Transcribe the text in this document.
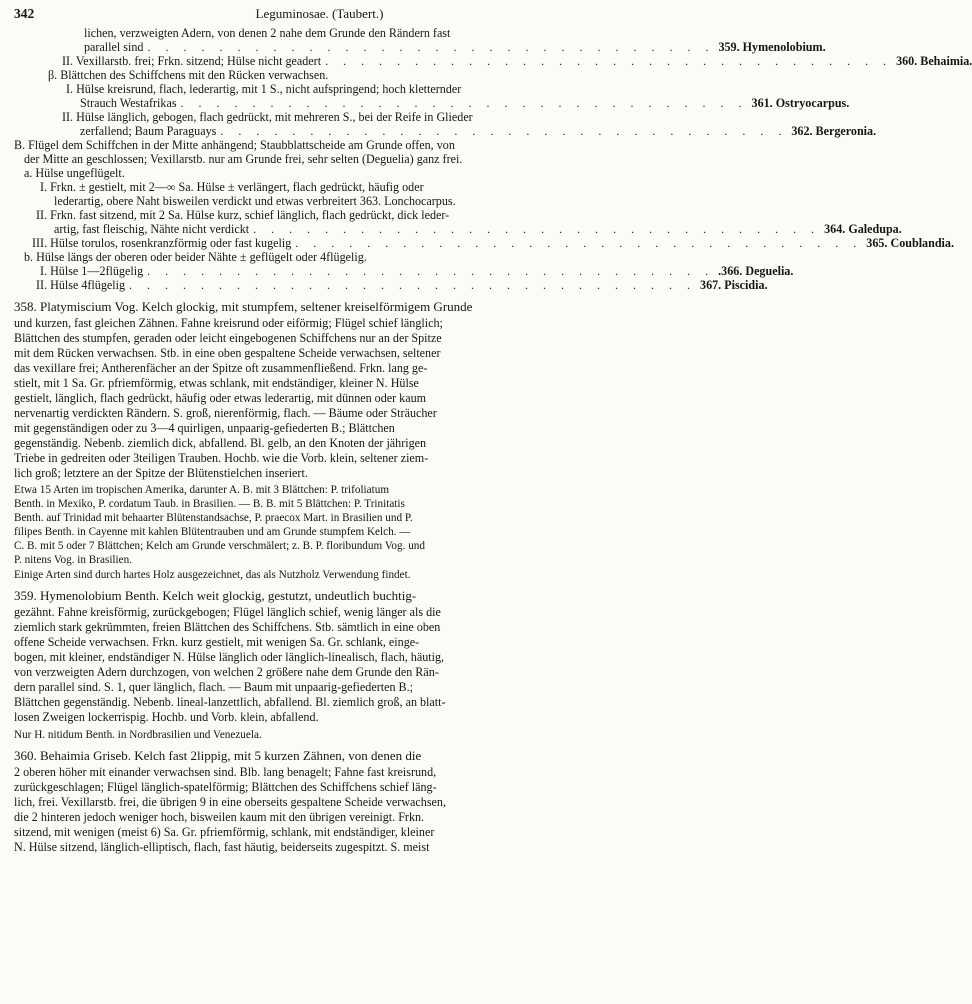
342	Leguminosae. (Taubert.)
lichen, verzweigten Adern, von denen 2 nahe dem Grunde den Rändern fast
parallel sind . . . . . . . . . . . . . . . . . . . . . . . . . . . . . . . . 359. Hymenolobium.
II. Vexillarstb. frei; Frkn. sitzend; Hülse nicht geadert . . . . . . . . . . . . . . . . . . . . . . . . . . . . . . . . 360. Behaimia.
β. Blättchen des Schiffchens mit den Rücken verwachsen.
I. Hülse kreisrund, flach, lederartig, mit 1 S., nicht aufspringend; hoch kletternder
Strauch Westafrikas . . . . . . . . . . . . . . . . . . . . . . . . . . . . . . . . 361. Ostryocarpus.
II. Hülse länglich, gebogen, flach gedrückt, mit mehreren S., bei der Reife in Glieder
zerfallend; Baum Paraguays . . . . . . . . . . . . . . . . . . . . . . . . . . . . . . . . 362. Bergeronia.
B. Flügel dem Schiffchen in der Mitte anhängend; Staubblattscheide am Grunde offen, von
der Mitte an geschlossen; Vexillarstb. nur am Grunde frei, sehr selten (Deguelia) ganz frei.
a. Hülse ungeflügelt.
I. Frkn. ± gestielt, mit 2—∞ Sa. Hülse ± verlängert, flach gedrückt, häufig oder
lederartig, obere Naht bisweilen verdickt und etwas verbreitert 363. Lonchocarpus.
II. Frkn. fast sitzend, mit 2 Sa. Hülse kurz, schief länglich, flach gedrückt, dick leder-
artig, fast fleischig, Nähte nicht verdickt . . . . . . . . . . . . . . . . . . . . . . . . . . . . . . . . 364. Galedupa.
III. Hülse torulos, rosenkranzförmig oder fast kugelig . . . . . . . . . . . . . . . . . . . . . . . . . . . . . . . . 365. Coublandia.
b. Hülse längs der oberen oder beider Nähte ± geflügelt oder 4flügelig.
I. Hülse 1—2flügelig . . . . . . . . . . . . . . . . . . . . . . . . . . . . . . . . .366. Deguelia.
II. Hülse 4flügelig . . . . . . . . . . . . . . . . . . . . . . . . . . . . . . . . 367. Piscidia.
358. Platymiscium Vog. Kelch glockig, mit stumpfem, seltener kreiselförmigem Grunde
und kurzen, fast gleichen Zähnen. Fahne kreisrund oder eiförmig; Flügel schief länglich;
Blättchen des stumpfen, geraden oder leicht eingebogenen Schiffchens nur an der Spitze
mit dem Rücken verwachsen. Stb. in eine oben gespaltene Scheide verwachsen, seltener
das vexillare frei; Antherenfächer an der Spitze oft zusammenfließend. Frkn. lang ge-
stielt, mit 1 Sa. Gr. pfriemförmig, etwas schlank, mit endständiger, kleiner N. Hülse
gestielt, länglich, flach gedrückt, häufig oder etwas lederartig, mit dünnen oder kaum
nervenartig verdickten Rändern. S. groß, nierenförmig, flach. — Bäume oder Sträucher
mit gegenständigen oder zu 3—4 quirligen, unpaarig-gefiederten B.; Blättchen
gegenständig. Nebenb. ziemlich dick, abfallend. Bl. gelb, an den Knoten der jährigen
Triebe in gedreiten oder 3teiligen Trauben. Hochb. wie die Vorb. klein, seltener ziem-
lich groß; letztere an der Spitze der Blütenstielchen inseriert.
Etwa 15 Arten im tropischen Amerika, darunter A. B. mit 3 Blättchen: P. trifoliatum
Benth. in Mexiko, P. cordatum Taub. in Brasilien. — B. B. mit 5 Blättchen: P. Trinitatis
Benth. auf Trinidad mit behaarter Blütenstandsachse, P. praecox Mart. in Brasilien und P.
filipes Benth. in Cayenne mit kahlen Blütentrauben und am Grunde stumpfem Kelch. —
C. B. mit 5 oder 7 Blättchen; Kelch am Grunde verschmälert; z. B. P. floribundum Vog. und
P. nitens Vog. in Brasilien.
Einige Arten sind durch hartes Holz ausgezeichnet, das als Nutzholz Verwendung findet.
359. Hymenolobium Benth. Kelch weit glockig, gestutzt, undeutlich buchtig-
gezähnt. Fahne kreisförmig, zurückgebogen; Flügel länglich schief, wenig länger als die
ziemlich stark gekrümmten, freien Blättchen des Schiffchens. Stb. sämtlich in eine oben
offene Scheide verwachsen. Frkn. kurz gestielt, mit wenigen Sa. Gr. schlank, einge-
bogen, mit kleiner, endständiger N. Hülse länglich oder länglich-linealisch, flach, häutig,
von verzweigten Adern durchzogen, von welchen 2 größere nahe dem Grunde den Rän-
dern parallel sind. S. 1, quer länglich, flach. — Baum mit unpaarig-gefiederten B.;
Blättchen gegenständig. Nebenb. lineal-lanzettlich, abfallend. Bl. ziemlich groß, an blatt-
losen Zweigen lockerrispig. Hochb. und Vorb. klein, abfallend.
Nur H. nitidum Benth. in Nordbrasilien und Venezuela.
360. Behaimia Griseb. Kelch fast 2lippig, mit 5 kurzen Zähnen, von denen die
2 oberen höher mit einander verwachsen sind. Blb. lang benagelt; Fahne fast kreisrund,
zurückgeschlagen; Flügel länglich-spatelförmig; Blättchen des Schiffchens schief läng-
lich, frei. Vexillarstb. frei, die übrigen 9 in eine oberseits gespaltene Scheide verwachsen,
die 2 hinteren jedoch weniger hoch, bisweilen kaum mit den übrigen vereinigt. Frkn.
sitzend, mit wenigen (meist 6) Sa. Gr. pfriemförmig, schlank, mit endständiger, kleiner
N. Hülse sitzend, länglich-elliptisch, flach, fast häutig, beiderseits zugespitzt. S. meist
